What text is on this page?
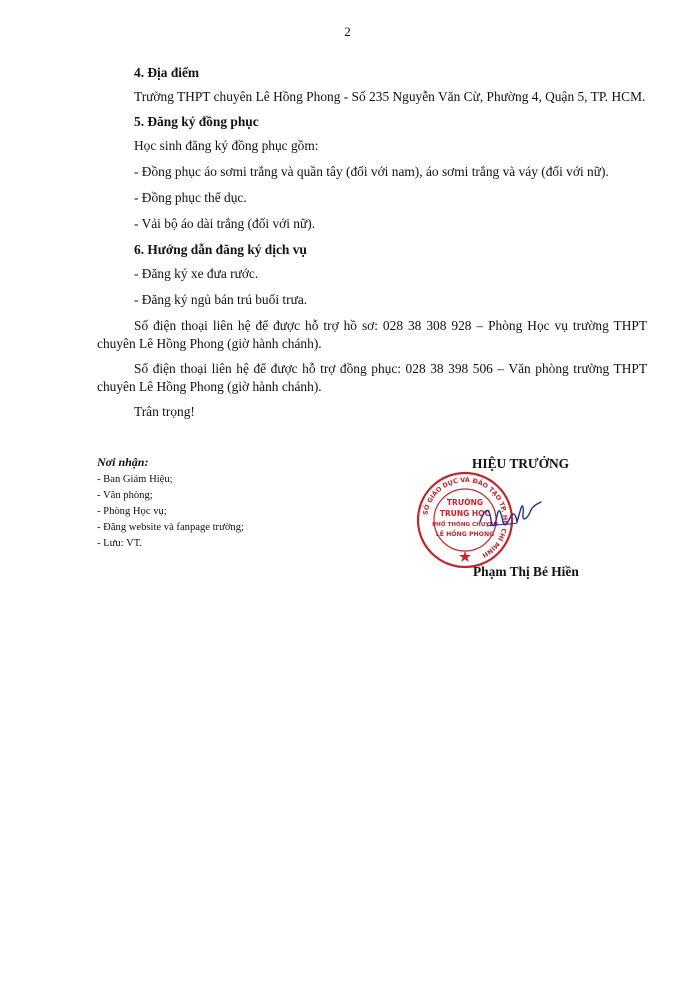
2
4. Địa điểm
Trường THPT chuyên Lê Hồng Phong - Số 235 Nguyễn Văn Cừ, Phường 4, Quận 5, TP. HCM.
5. Đăng ký đồng phục
Học sinh đăng ký đồng phục gồm:
- Đồng phục áo sơmi trắng và quần tây (đối với nam), áo sơmi trắng và váy (đối với nữ).
- Đồng phục thể dục.
- Vải bộ áo dài trắng (đối với nữ).
6. Hướng dẫn đăng ký dịch vụ
- Đăng ký xe đưa rước.
- Đăng ký ngủ bán trú buổi trưa.
Số điện thoại liên hệ để được hỗ trợ hồ sơ: 028 38 308 928 – Phòng Học vụ trường THPT chuyên Lê Hồng Phong (giờ hành chánh).
Số điện thoại liên hệ để được hỗ trợ đồng phục: 028 38 398 506 – Văn phòng trường THPT chuyên Lê Hồng Phong (giờ hành chánh).
Trân trọng!
Nơi nhận:
- Ban Giám Hiệu;
- Văn phòng;
- Phòng Học vụ;
- Đăng website và fanpage trường;
- Lưu: VT.
HIỆU TRƯỞNG
SỞ GIÁO DỤC VÀ ĐÀO TẠO TP. HỒ CHÍ MINH
TRƯỜNG
TRUNG HỌC
PHỔ THÔNG CHUYÊN
LÊ HỒNG PHONG
Phạm Thị Bé Hiền
